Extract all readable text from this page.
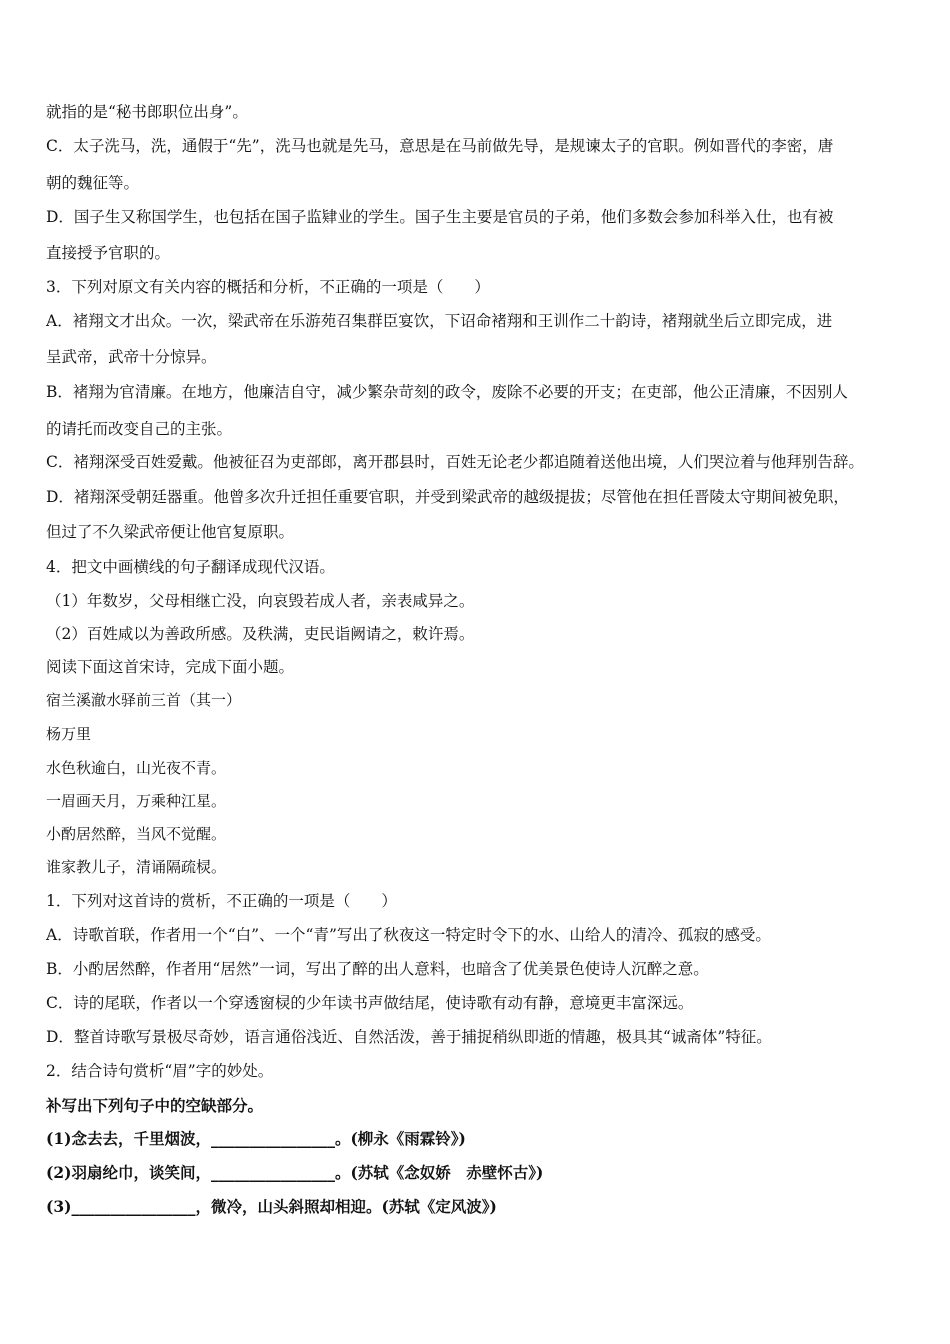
就指的是“秘书郎职位出身”。
C．太子洗马，洗，通假于“先”，洗马也就是先马，意思是在马前做先导，是规谏太子的官职。例如晋代的李密，唐
朝的魏征等。
D．国子生又称国学生，也包括在国子监肄业的学生。国子生主要是官员的子弟，他们多数会参加科举入仕，也有被
直接授予官职的。
3．下列对原文有关内容的概括和分析，不正确的一项是（　　）
A．褚翔文才出众。一次，梁武帝在乐游苑召集群臣宴饮，下诏命褚翔和王训作二十韵诗，褚翔就坐后立即完成，进
呈武帝，武帝十分惊异。
B．褚翔为官清廉。在地方，他廉洁自守，减少繁杂苛刻的政令，废除不必要的开支；在吏部，他公正清廉，不因别人
的请托而改变自己的主张。
C．褚翔深受百姓爱戴。他被征召为吏部郎，离开郡县时，百姓无论老少都追随着送他出境，人们哭泣着与他拜别告辞。
D．褚翔深受朝廷器重。他曾多次升迁担任重要官职，并受到梁武帝的越级提拔；尽管他在担任晋陵太守期间被免职，
但过了不久梁武帝便让他官复原职。
4．把文中画横线的句子翻译成现代汉语。
（1）年数岁，父母相继亡没，向哀毁若成人者，亲表咸异之。
（2）百姓咸以为善政所感。及秩满，吏民诣阙请之，敕许焉。
阅读下面这首宋诗，完成下面小题。
宿兰溪澈水驿前三首（其一）
杨万里
水色秋逾白，山光夜不青。
一眉画天月，万乘种江星。
小酌居然醉，当风不觉醒。
谁家教儿子，清诵隔疏棂。
1．下列对这首诗的赏析，不正确的一项是（　　）
A．诗歌首联，作者用一个“白”、一个“青”写出了秋夜这一特定时令下的水、山给人的清冷、孤寂的感受。
B．小酌居然醉，作者用“居然”一词，写出了醉的出人意料，也暗含了优美景色使诗人沉醉之意。
C．诗的尾联，作者以一个穿透窗棂的少年读书声做结尾，使诗歌有动有静，意境更丰富深远。
D．整首诗歌写景极尽奇妙，语言通俗浅近、自然活泼，善于捕捉稍纵即逝的情趣，极具其“诚斋体”特征。
2．结合诗句赏析“眉”字的妙处。
补写出下列句子中的空缺部分。
(1)念去去，千里烟波，________________。(柳永《雨霖铃》)
(2)羽扇纶巾，谈笑间，________________。(苏轼《念奴娇　赤壁怀古》)
(3)________________，微冷，山头斜照却相迎。(苏轼《定风波》)
